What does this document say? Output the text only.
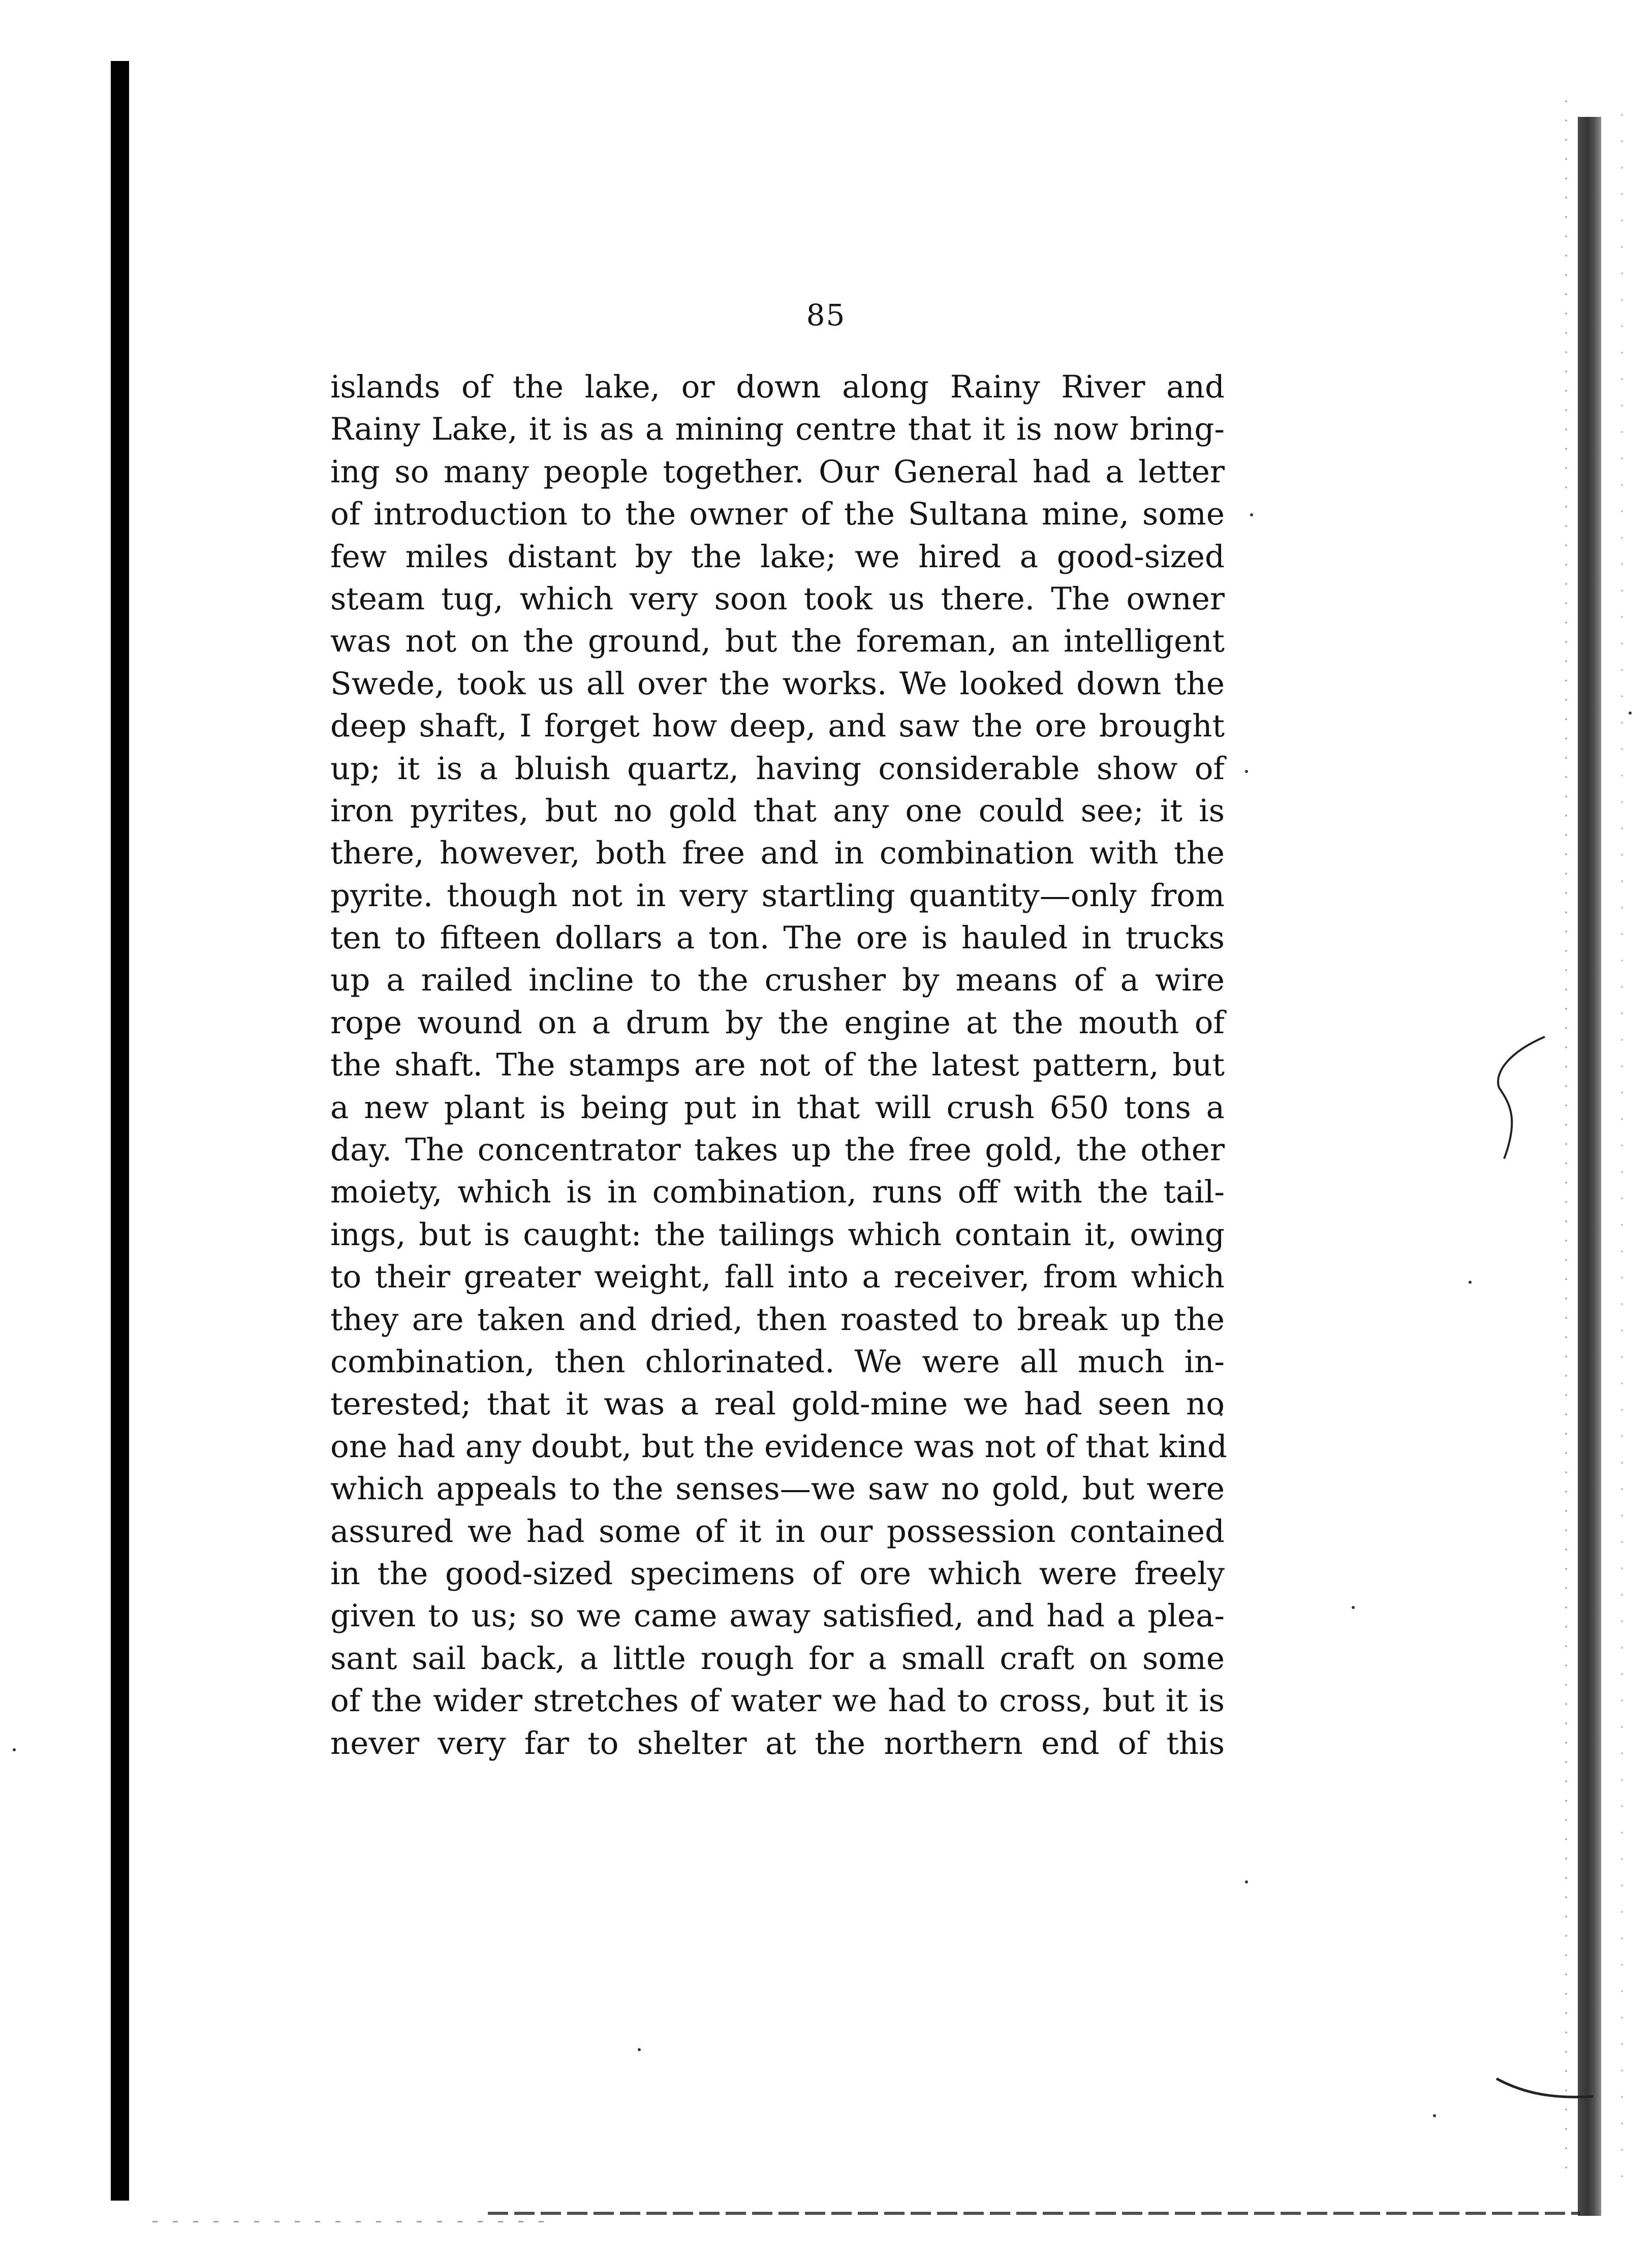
85
islands of the lake, or down along Rainy River and
Rainy Lake, it is as a mining centre that it is now bring-
ing so many people together. Our General had a letter
of introduction to the owner of the Sultana mine, some
few miles distant by the lake; we hired a good-sized
steam tug, which very soon took us there. The owner
was not on the ground, but the foreman, an intelligent
Swede, took us all over the works. We looked down the
deep shaft, I forget how deep, and saw the ore brought
up; it is a bluish quartz, having considerable show of
iron pyrites, but no gold that any one could see; it is
there, however, both free and in combination with the
pyrite. though not in very startling quantity—only from
ten to fifteen dollars a ton. The ore is hauled in trucks
up a railed incline to the crusher by means of a wire
rope wound on a drum by the engine at the mouth of
the shaft. The stamps are not of the latest pattern, but
a new plant is being put in that will crush 650 tons a
day. The concentrator takes up the free gold, the other
moiety, which is in combination, runs off with the tail-
ings, but is caught: the tailings which contain it, owing
to their greater weight, fall into a receiver, from which
they are taken and dried, then roasted to break up the
combination, then chlorinated. We were all much in-
terested; that it was a real gold-mine we had seen no
one had any doubt, but the evidence was not of that kind
which appeals to the senses—we saw no gold, but were
assured we had some of it in our possession contained
in the good-sized specimens of ore which were freely
given to us; so we came away satisfied, and had a plea-
sant sail back, a little rough for a small craft on some
of the wider stretches of water we had to cross, but it is
never very far to shelter at the northern end of this
